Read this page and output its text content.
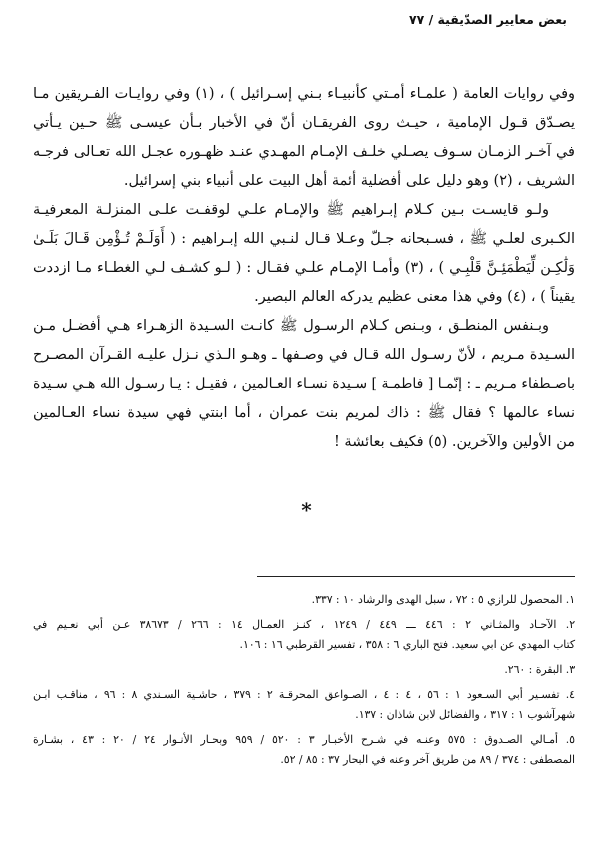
بعض معايير الصدّيقية / ٧٧
وفي روايات العامة ( علمـاء أمـتي كأنبيـاء بـني إسـرائيل ) ، (١) وفي روايـات الفـريقين مـا
يصـدّق قـول الإمامية ، حيـث روى الفريقـان أنّ في الأخبار بـأن عيسـى ﷺ حـين يـأتي
في آخـر الزمـان سـوف يصـلي خلـف الإمـام المهـدي عنـد ظهـوره عجـل الله تعـالى فرجـه
الشريف ، (٢) وهو دليل على أفضلية أئمة أهل البيت على أنبياء بني إسرائيل.
ولـو قايسـت بـين كـلام إبـراهيم ﷺ والإمـام علـي لوقفـت علـى المنزلـة المعرفيـة
الكـبرى لعلـي ﷺ ، فسـبحانه جـلّ وعـلا قـال لنـبي الله إبـراهيم : ( أَوَلَـمْ تُـؤْمِن قَـالَ بَلَـىٰ
وَلَٰكِـن لِّيَطْمَئِـنَّ قَلْبِـي ) ، (٣) وأمـا الإمـام علـي فقـال : ( لـو كشـف لـي الغطـاء مـا ازددت
يقيناً ) ، (٤) وفي هذا معنى عظيم يدركه العالم البصير.
وبـنفس المنطـق ، وبـنص كـلام الرسـول ﷺ كانـت السـيدة الزهـراء هـي أفضـل مـن
السـيدة مـريم ، لأنّ رسـول الله قـال في وصـفها ـ وهـو الـذي نـزل عليـه القـرآن المصـرح
باصـطفاء مـريم ـ : إنّمـا [ فاطمـة ] سـيدة نسـاء العـالمين ، فقيـل : يـا رسـول الله هـي سـيدة
نساء عالمها ؟ فقال ﷺ : ذاك لمريم بنت عمران ، أما ابنتي فهي سيدة نساء العـالمين
من الأولين والآخرين. (٥) فكيف بعائشة !
*
١. المحصول للرازي ٥ : ٧٢ ، سبل الهدى والرشاد ١٠ : ٣٣٧.
٢. الآحـاد والمثـاني ٢ : ٤٤٦ ـــ ٤٤٩ / ١٢٤٩ ، كنـز العمـال ١٤ : ٢٦٦ / ٣٨٦٧٣ عـن أبي نعـيم في
كتاب المهدي عن ابي سعيد. فتح الباري ٦ : ٣٥٨ ، تفسير القرطبي ١٦ : ١٠٦.
٣. البقرة : ٢٦٠.
٤. تفسـير أبي السـعود ١ : ٥٦ ، ٤ : ٤ ، الصـواعق المحرقـة ٢ : ٣٧٩ ، حاشـية السـندي ٨ : ٩٦ ، مناقـب ابـن
شهرآشوب ١ : ٣١٧ ، والفضائل لابن شاذان : ١٣٧.
٥. أمـالي الصـدوق : ٥٧٥ وعنـه في شـرح الأخبـار ٣ : ٥٢٠ / ٩٥٩ وبحـار الأنـوار ٢٤ / ٢٠ : ٤٣ ، بشـارة
المصطفى : ٣٧٤ / ٨٩ من طريق آخر وعنه في البحار ٣٧ : ٨٥ / ٥٢.
